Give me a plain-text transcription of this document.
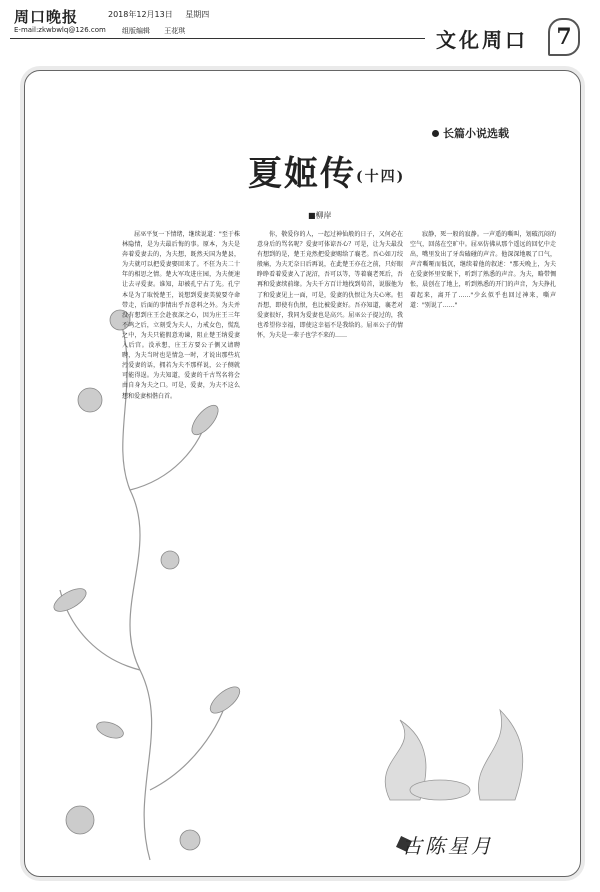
周口晚报	2018年12月13日 星期四
E-mail:zkwbwlq@126.com 组版编辑 王花琪	文化周口	7
长篇小说选载
夏姬传(十四)
■柳岸

屈巫平复一下情绪，继续说道："至于株林隐情，是为夫最后悔的事。原本，为夫是奔着爱妻去的，为夫想，既然天国为楚县，为夫就可以把爱妻娶回来了。不狂为夫二十年的相思之情。楚大军攻进庄园，为夫便速让去寻爱妻。谁知，却被孔宁占了先。孔宁本是为了取悦楚王，说想到爱妻美貌要夺命带走，后面的事情出乎吾意料之外。为夫并没有想到庄王会赴夜深之心，因为庄王三年不鸣之后，立刻受为夫人，力戒女色，慌乱之中，为夫只能假意劝谏，阻止楚王纳爱妻入后宫。没承想，庄王方要公子侧又请聘聘，为夫当时也是情急一时，才说出那些坑污爱妻的话，拥若为夫不那样说，公子侧就可能得逞。为夫知道，爱妻的千古骂名将会由自身为夫之口。可是，爱妻，为夫不这么想和爱妻相偕白首。

你，敬爱你的人，一起过神仙般的日子，又何必在意身后的骂名呢？爱妻可体谅吾心？可是，让为夫最没有想到的是，楚王竟然把爱妻赐给了襄老。吾心如刀绞般痛，为夫无奈日后再说，在此楚王亦在之前，只好眼睁睁看着爱妻入了泥沼，吾可以等，等着襄老死后，吾再和爱妻续前缘。为夫千方百计地找到荀首，说服他为了和爱妻见上一面，可是，爱妻的仇恨让为夫心寒。但吾想，即使有仇恨，也比被爱妻好。吾亦知道，襄老对爱妻很好，我同为爱妻也是高兴。屈巫公子提过的，我也希望你幸福，即使这幸福不是我给的。屈巫公子的情怀，为夫是一辈子也学不来的……

寂静，死一般的寂静。一声遥的嘶叫，划破沉闷的空气，回荡在空旷中。屈巫仿佛从那个遥远的回忆中走出，嘴里发出了牙齿磕碰的声音。他深深地吸了口气，声音嘶哑而低沉，继续着他的叙述："那天晚上，为夫在爱妻怀里安眠下，听到了熟悉的声音。为夫，略带惆怅，晨创在了地上，听到熟悉的开门的声音，为夫挣扎着起来，离开了……"少幺似乎也回过神来，嘶声道："别说了……"

古陈星月
